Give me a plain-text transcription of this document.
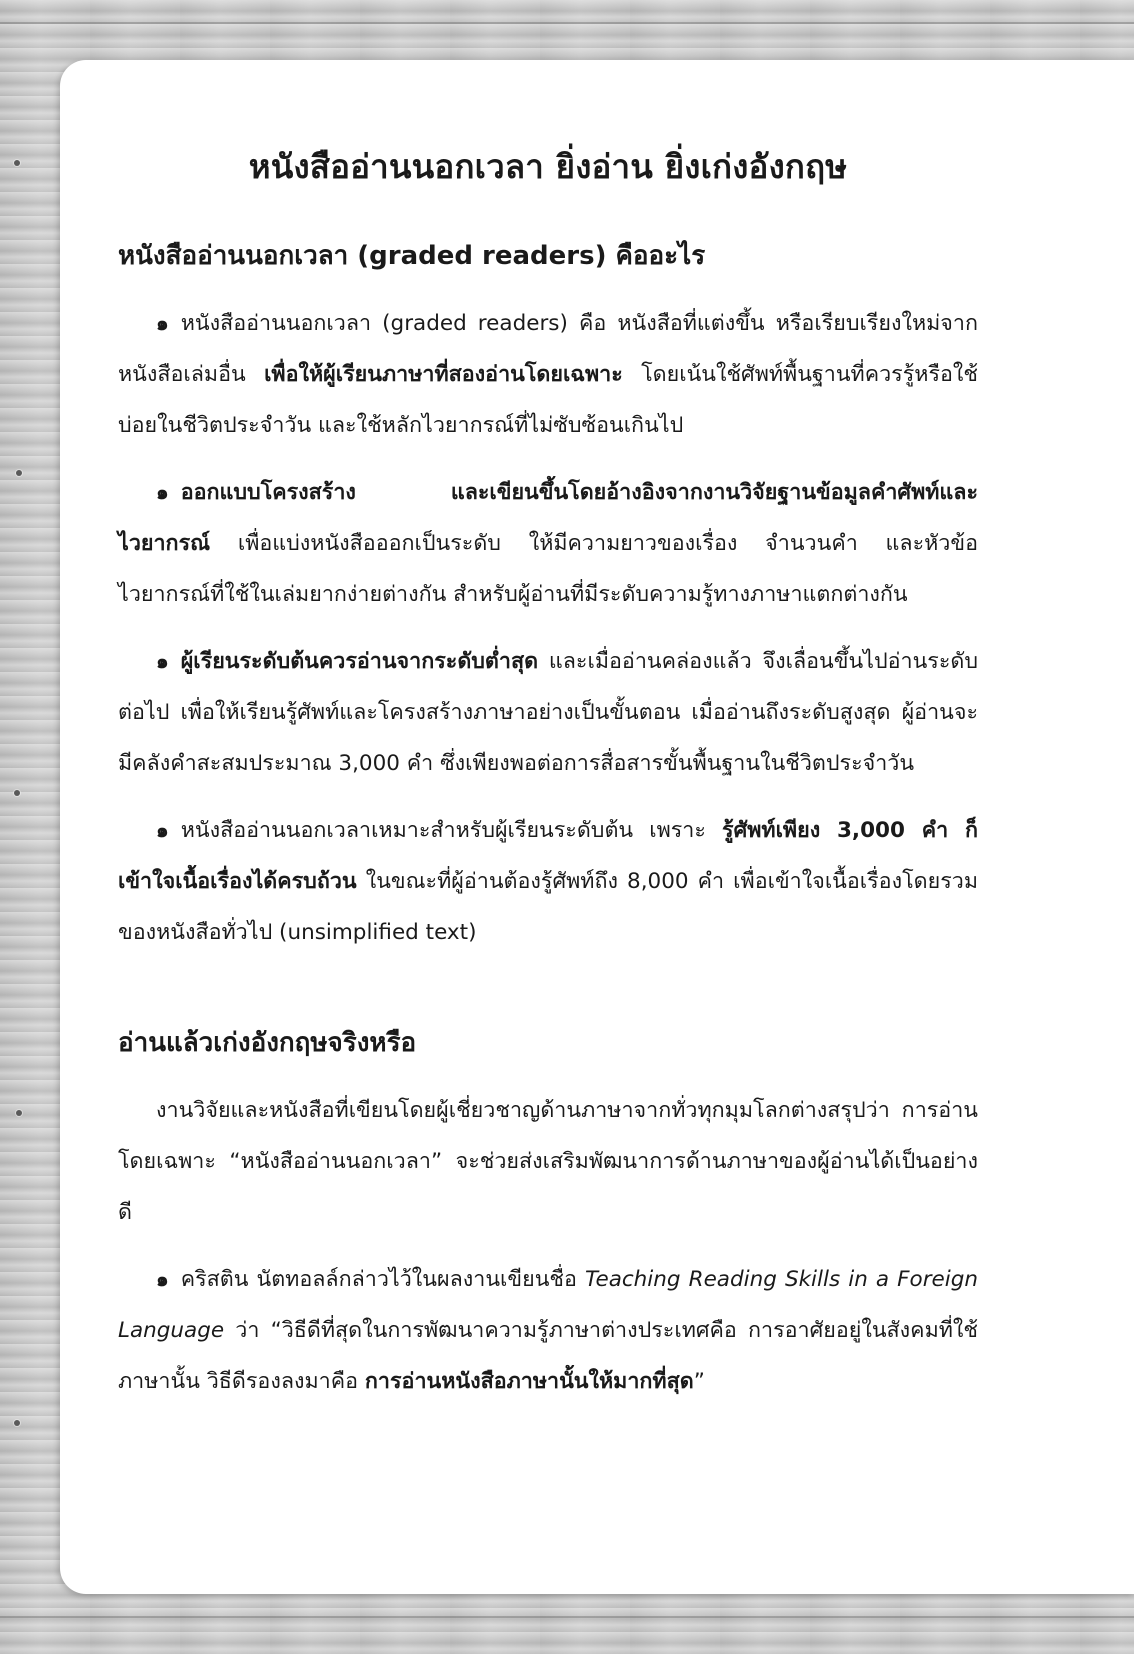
หนังสืออ่านนอกเวลา ยิ่งอ่าน ยิ่งเก่งอังกฤษ
หนังสืออ่านนอกเวลา (graded readers) คืออะไร

๑ หนังสืออ่านนอกเวลา (graded readers) คือ หนังสือที่แต่งขึ้น หรือเรียบเรียงใหม่จากหนังสือเล่มอื่น เพื่อให้ผู้เรียนภาษาที่สองอ่านโดยเฉพาะ โดยเน้นใช้ศัพท์พื้นฐานที่ควรรู้หรือใช้บ่อยในชีวิตประจำวัน และใช้หลักไวยากรณ์ที่ไม่ซับซ้อนเกินไป

๑ ออกแบบโครงสร้าง และเขียนขึ้นโดยอ้างอิงจากงานวิจัยฐานข้อมูลคำศัพท์และไวยากรณ์ เพื่อแบ่งหนังสือออกเป็นระดับ ให้มีความยาวของเรื่อง จำนวนคำ และหัวข้อไวยากรณ์ที่ใช้ในเล่มยากง่ายต่างกัน สำหรับผู้อ่านที่มีระดับความรู้ทางภาษาแตกต่างกัน

๑ ผู้เรียนระดับต้นควรอ่านจากระดับต่ำสุด และเมื่ออ่านคล่องแล้ว จึงเลื่อนขึ้นไปอ่านระดับต่อไป เพื่อให้เรียนรู้ศัพท์และโครงสร้างภาษาอย่างเป็นขั้นตอน เมื่ออ่านถึงระดับสูงสุด ผู้อ่านจะมีคลังคำสะสมประมาณ 3,000 คำ ซึ่งเพียงพอต่อการสื่อสารขั้นพื้นฐานในชีวิตประจำวัน

๑ หนังสืออ่านนอกเวลาเหมาะสำหรับผู้เรียนระดับต้น เพราะ รู้ศัพท์เพียง 3,000 คำ ก็เข้าใจเนื้อเรื่องได้ครบถ้วน ในขณะที่ผู้อ่านต้องรู้ศัพท์ถึง 8,000 คำ เพื่อเข้าใจเนื้อเรื่องโดยรวมของหนังสือทั่วไป (unsimplified text)

อ่านแล้วเก่งอังกฤษจริงหรือ

งานวิจัยและหนังสือที่เขียนโดยผู้เชี่ยวชาญด้านภาษาจากทั่วทุกมุมโลกต่างสรุปว่า การอ่าน โดยเฉพาะ “หนังสืออ่านนอกเวลา” จะช่วยส่งเสริมพัฒนาการด้านภาษาของผู้อ่านได้เป็นอย่างดี

๑ คริสติน นัตทอลล์กล่าวไว้ในผลงานเขียนชื่อ Teaching Reading Skills in a Foreign Language ว่า “วิธีดีที่สุดในการพัฒนาความรู้ภาษาต่างประเทศคือ การอาศัยอยู่ในสังคมที่ใช้ภาษานั้น วิธีดีรองลงมาคือ การอ่านหนังสือภาษานั้นให้มากที่สุด”
